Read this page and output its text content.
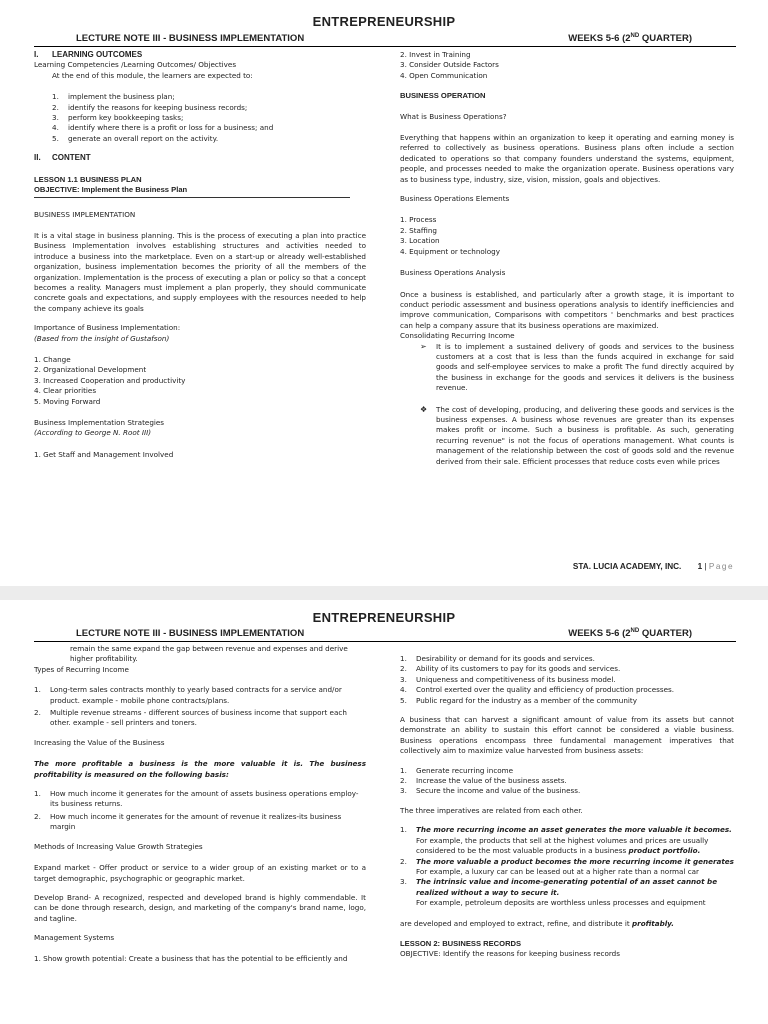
ENTREPRENEURSHIP
LECTURE NOTE III - BUSINESS IMPLEMENTATION	WEEKS 5-6 (2ND QUARTER)
I.	LEARNING OUTCOMES
Learning Competencies /Learning Outcomes/ Objectives
At the end of this module, the learners are expected to:
1. implement the business plan;
2. identify the reasons for keeping business records;
3. perform key bookkeeping tasks;
4. identify where there is a profit or loss for a business; and
5. generate an overall report on the activity.
II.	CONTENT
LESSON 1.1 BUSINESS PLAN
OBJECTIVE: Implement the Business Plan
BUSINESS IMPLEMENTATION

It is a vital stage in business planning. This is the process of executing a plan into practice Business Implementation involves establishing structures and activities needed to introduce a business into the marketplace. Even on a start-up or already well-established organization, business implementation becomes the priority of all the members of the organization. Implementation is the process of executing a plan or policy so that a concept becomes a reality. Managers must implement a plan properly, they should communicate concrete goals and expectations, and supply employees with the resources needed to help the company achieve its goals

Importance of Business Implementation:
(Based from the insight of Gustafson)
1. Change
2. Organizational Development
3. Increased Cooperation and productivity
4. Clear priorities
5. Moving Forward
Business Implementation Strategies
(According to George N. Root III)
1. Get Staff and Management Involved
2. Invest in Training
3. Consider Outside Factors
4. Open Communication
BUSINESS OPERATION
What is Business Operations?

Everything that happens within an organization to keep it operating and earning money is referred to collectively as business operations. Business plans often include a section dedicated to operations so that company founders understand the systems, equipment, people, and processes needed to make the organization operate. Business operations vary as to business type, industry, size, vision, mission, goals and objectives.

Business Operations Elements
1. Process
2. Staffing
3. Location
4. Equipment or technology
Business Operations Analysis

Once a business is established, and particularly after a growth stage, it is important to conduct periodic assessment and business operations analysis to identify inefficiencies and improve communication, Comparisons with competitors ' benchmarks and best practices can help a company assure that its business operations are maximized.

Consolidating Recurring Income
➢ It is to implement a sustained delivery of goods and services to the business customers at a cost that is less than the funds acquired in exchange for said goods and self-employee services to make a profit The fund directly acquired by the business in exchange for the goods and services it delivers is the business revenue.
❖ The cost of developing, producing, and delivering these goods and services is the business expenses. A business whose revenues are greater than its expenses makes profit or income. Such a business is profitable. As such, generating recurring revenue" is not the focus of operations management. What counts is management of the relationship between the cost of goods sold and the revenue derived from their sale. Efficient processes that reduce costs even while prices
STA. LUCIA ACADEMY, INC. 1 | Page
ENTREPRENEURSHIP
LECTURE NOTE III - BUSINESS IMPLEMENTATION	WEEKS 5-6 (2ND QUARTER)
remain the same expand the gap between revenue and expenses and derive higher profitability.
Types of Recurring Income
1. Long-term sales contracts monthly to yearly based contracts for a service and/or product. example - mobile phone contracts/plans.
2. Multiple revenue streams - different sources of business income that support each other. example - sell printers and toners.
Increasing the Value of the Business

The more profitable a business is the more valuable it is. The business profitability is measured on the following basis:

1. How much income it generates for the amount of assets business operations employ-its business returns.
2. How much income it generates for the amount of revenue it realizes-its business margin
Methods of Increasing Value Growth Strategies

Expand market - Offer product or service to a wider group of an existing market or to a target demographic, psychographic or geographic market.

Develop Brand- A recognized, respected and developed brand is highly commendable. It can be done through research, design, and marketing of the company's brand name, logo, and tagline.

Management Systems
1. Show growth potential: Create a business that has the potential to be efficiently and
1. Desirability or demand for its goods and services.
2. Ability of its customers to pay for its goods and services.
3. Uniqueness and competitiveness of its business model.
4. Control exerted over the quality and efficiency of production processes.
5. Public regard for the industry as a member of the community

A business that can harvest a significant amount of value from its assets but cannot demonstrate an ability to sustain this effort cannot be considered a viable business. Business operations encompass three fundamental management imperatives that collectively aim to maximize value harvested from business assets:

1. Generate recurring income
2. Increase the value of the business assets.
3. Secure the income and value of the business.
The three imperatives are related from each other.
1. The more recurring income an asset generates the more valuable it becomes. For example, the products that sell at the highest volumes and prices are usually considered to be the most valuable products in a business product portfolio.
2. The more valuable a product becomes the more recurring income it generates
For example, a luxury car can be leased out at a higher rate than a normal car
3. The intrinsic value and income-generating potential of an asset cannot be realized without a way to secure it.
For example, petroleum deposits are worthless unless processes and equipment
are developed and employed to extract, refine, and distribute it profitably.
LESSON 2: BUSINESS RECORDS
OBJECTIVE: Identify the reasons for keeping business records
